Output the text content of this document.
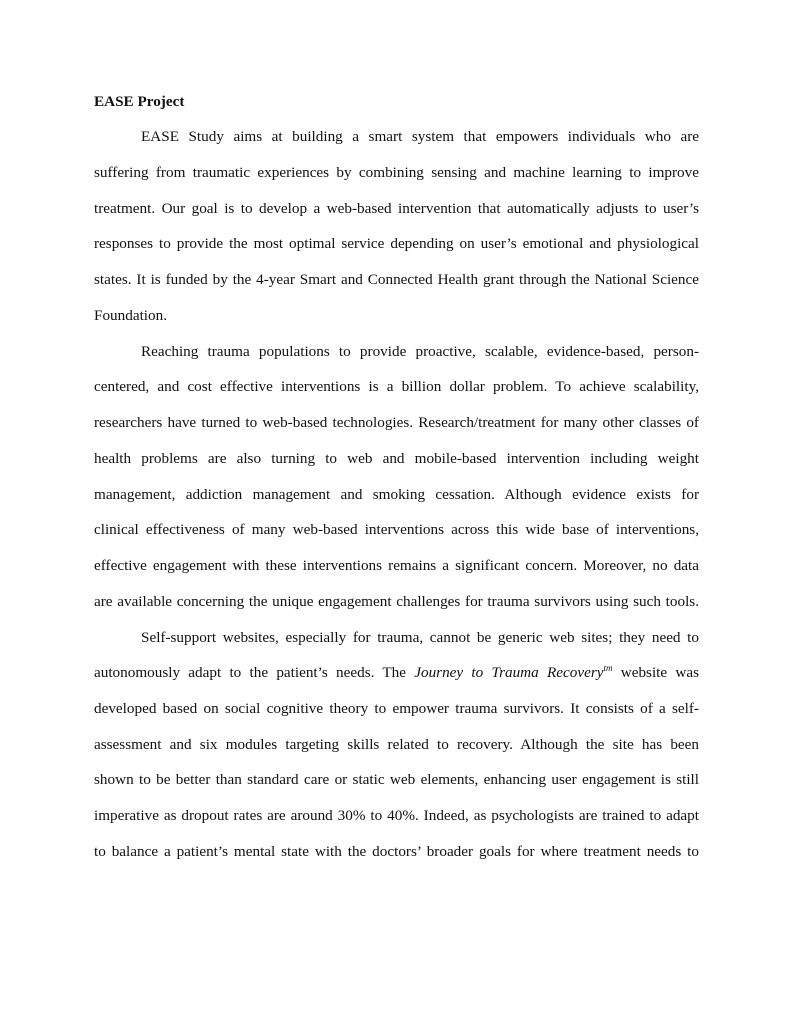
EASE Project

EASE Study aims at building a smart system that empowers individuals who are

suffering from traumatic experiences by combining sensing and machine learning to improve

treatment. Our goal is to develop a web-based intervention that automatically adjusts to user’s

responses to provide the most optimal service depending on user’s emotional and physiological

states. It is funded by the 4-year Smart and Connected Health grant through the National Science

Foundation.

Reaching trauma populations to provide proactive, scalable, evidence-based, person-

centered, and cost effective interventions is a billion dollar problem. To achieve scalability,

researchers have turned to web-based technologies. Research/treatment for many other classes of

health problems are also turning to web and mobile-based intervention including weight

management, addiction management and smoking cessation. Although evidence exists for

clinical effectiveness of many web-based interventions across this wide base of interventions,

effective engagement with these interventions remains a significant concern. Moreover, no data

are available concerning the unique engagement challenges for trauma survivors using such tools.

Self-support websites, especially for trauma, cannot be generic web sites; they need to

autonomously adapt to the patient’s needs. The Journey to Trauma Recovery$^{tm}$ website was

developed based on social cognitive theory to empower trauma survivors. It consists of a self-

assessment and six modules targeting skills related to recovery. Although the site has been

shown to be better than standard care or static web elements, enhancing user engagement is still

imperative as dropout rates are around 30% to 40%. Indeed, as psychologists are trained to adapt

to balance a patient’s mental state with the doctors’ broader goals for where treatment needs to
